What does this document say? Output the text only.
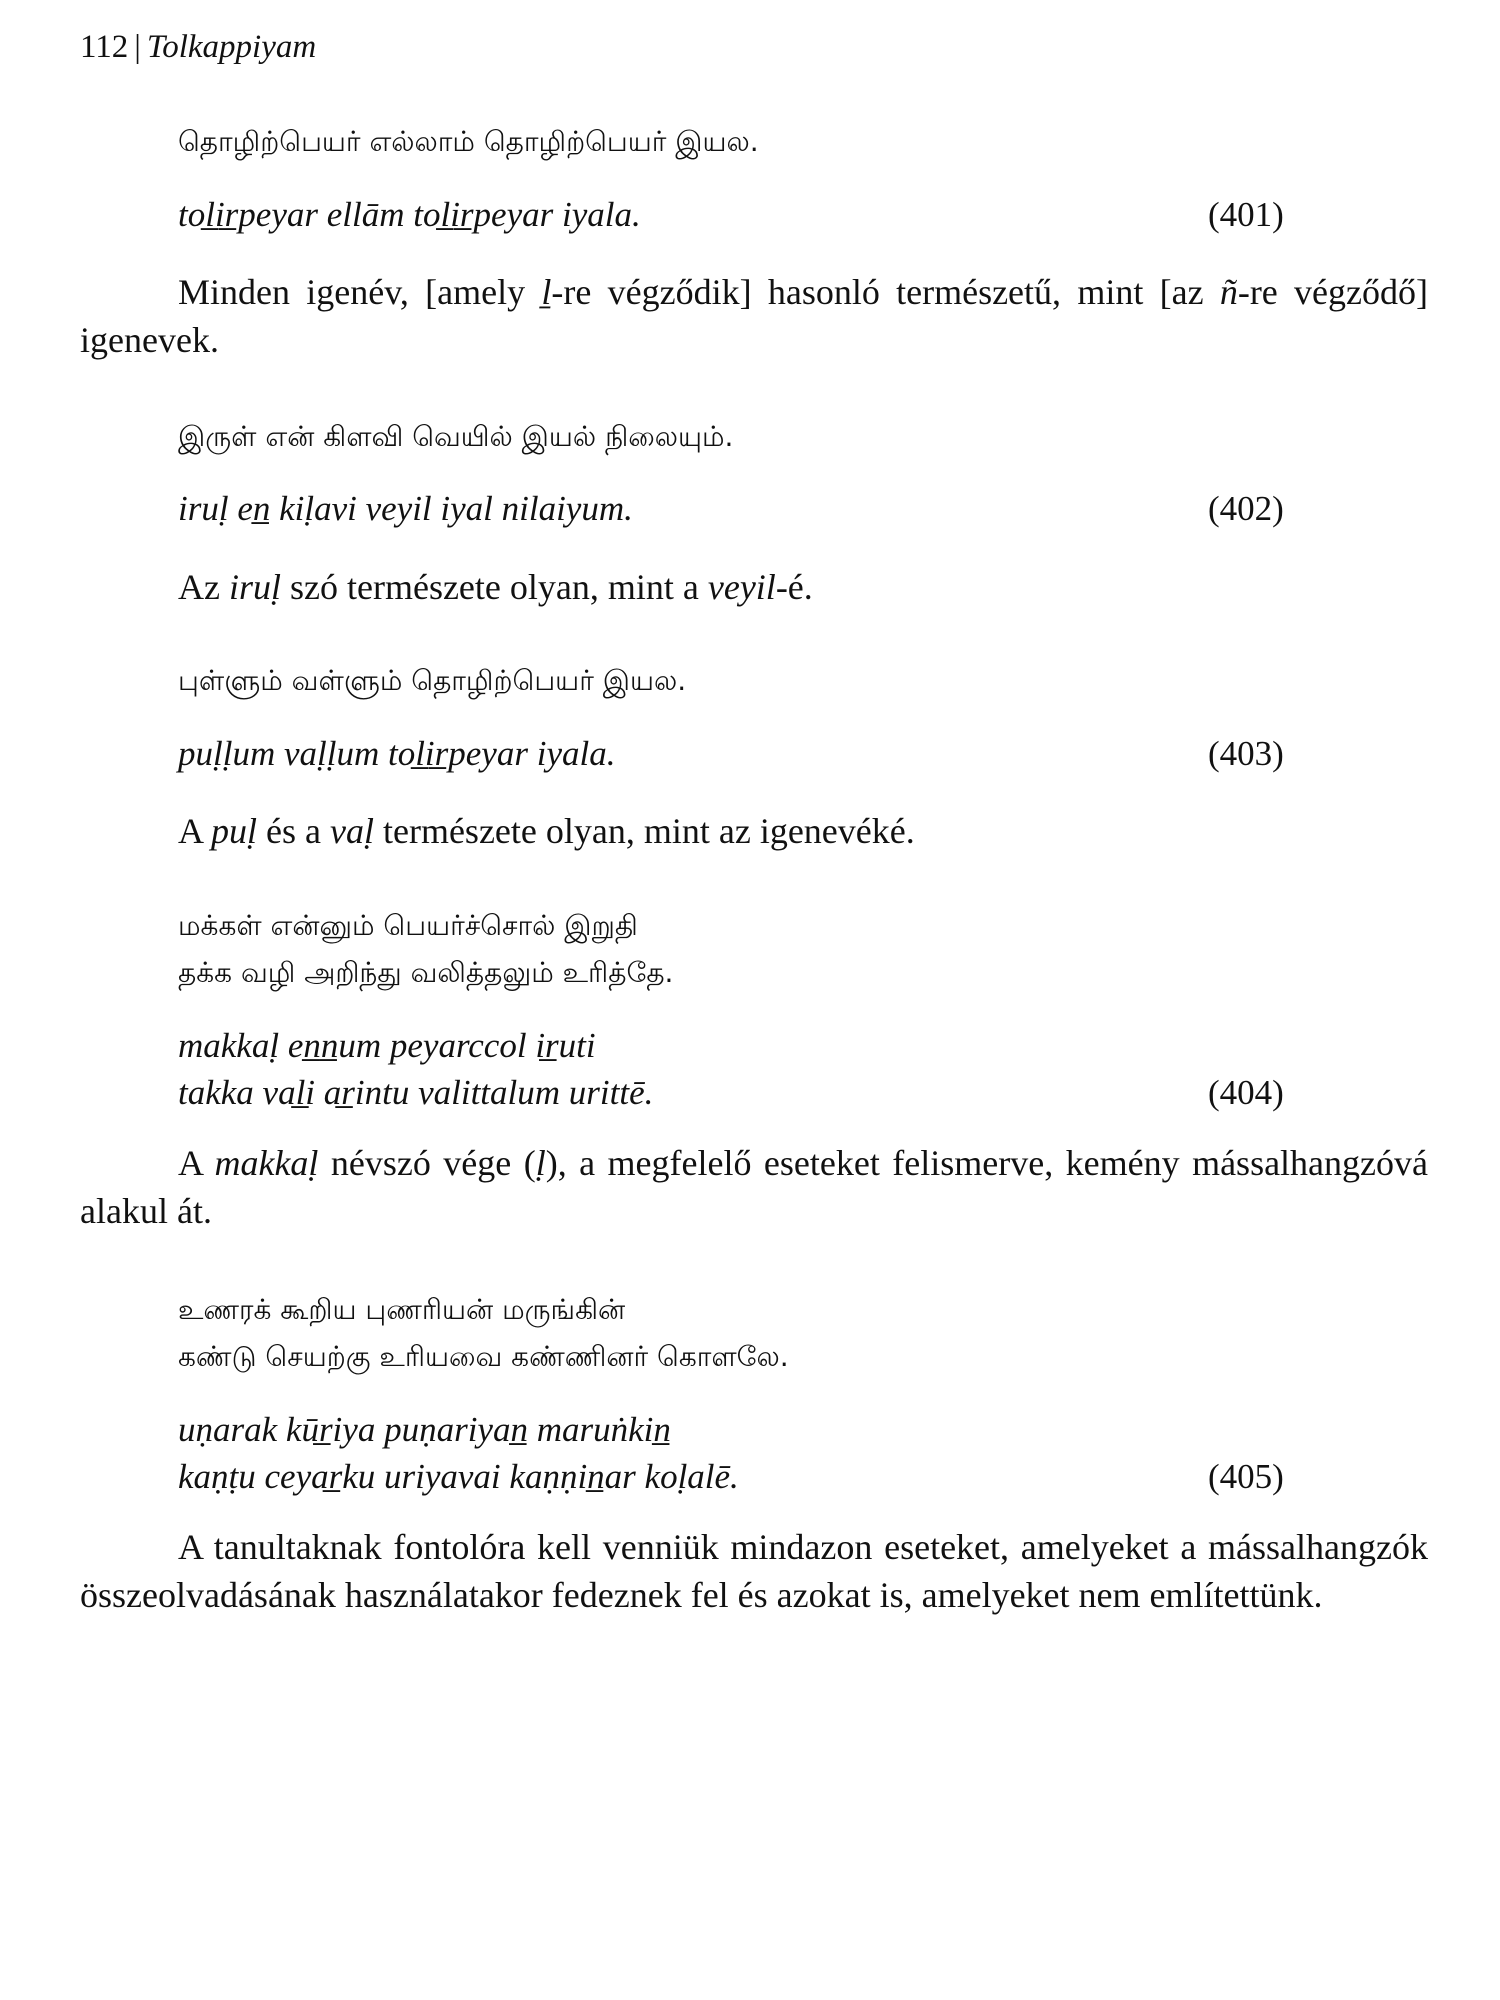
112 | Tolkappiyam
தொழிற்பெயர் எல்லாம் தொழிற்பெயர் இயல.
tol̲ir̲peyar ellām tol̲ir̲peyar iyala.	(401)
Minden igenév, [amely ḻ-re végződik] hasonló természetű, mint [az ñ-re végződő] igenevek.
இருள் என் கிளவி வெயில் இயல் நிலையும்.
iruḷ en̲ kiḷavi veyil iyal nilaiyum.	(402)
Az iruḷ szó természete olyan, mint a veyil-é.
புள்ளும் வள்ளும் தொழிற்பெயர் இயல.
puḷḷum vaḷḷum tol̲ir̲peyar iyala.	(403)
A puḷ és a vaḷ természete olyan, mint az igenevéké.
மக்கள் என்னும் பெயர்ச்சொல் இறுதி
தக்க வழி அறிந்து வலித்தலும் உரித்தே.
makkaḷ en̲n̲um peyarccol ir̲uti
takka val̲i ar̲intu valittalum urittē.	(404)
A makkaḷ névszó vége (ḷ), a megfelelő eseteket felismerve, kemény mássalhangzóvá alakul át.
உணரக் கூறிய புணரியன் மருங்கின்
கண்டு செயற்கு உரியவை கண்ணினர் கொளலே.
uṇarak kūr̲iya puṇariyan̲ maruṅkin̲
kaṇṭu ceyar̲ku uriyavai kaṇṇin̲ar koḷalē.	(405)
A tanultaknak fontolóra kell venniük mindazon eseteket, amelyeket a mássalhangzók összeolvadásának használatakor fedeznek fel és azokat is, amelyeket nem említettünk.
